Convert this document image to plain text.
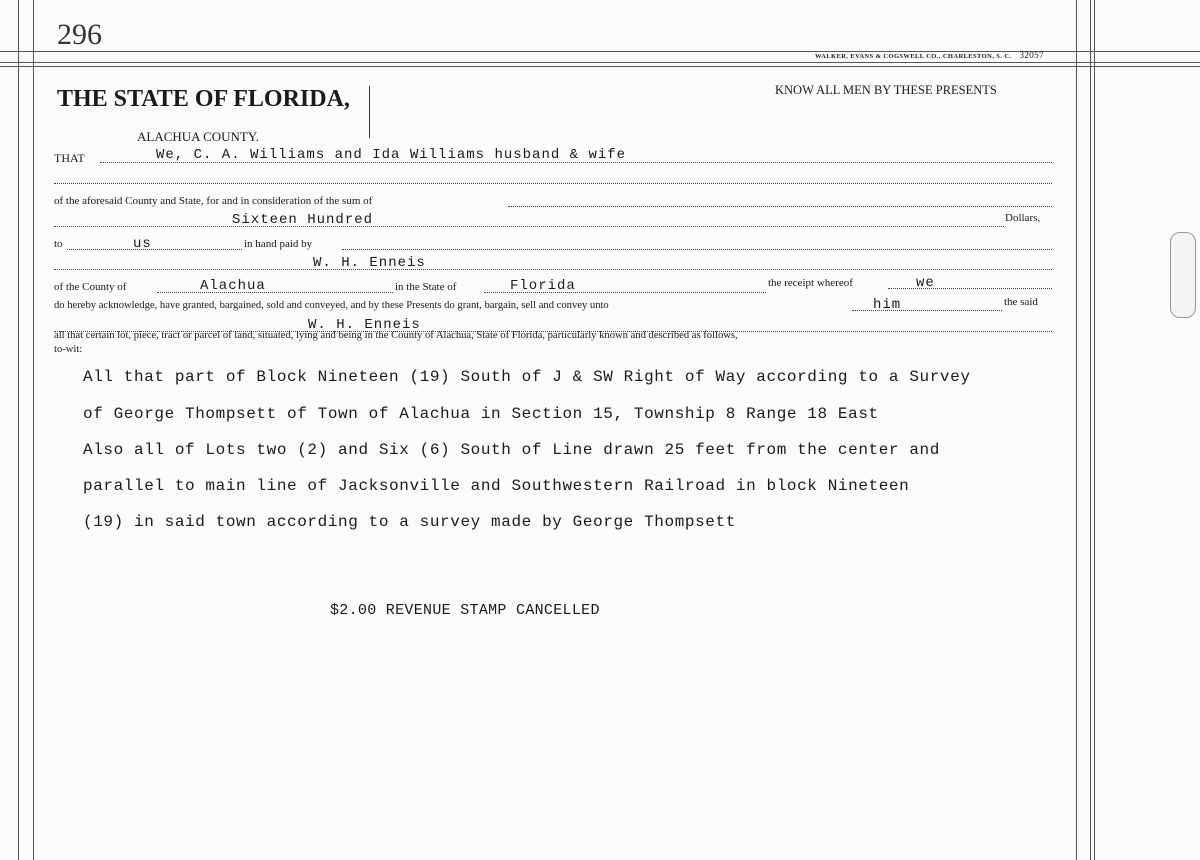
296
WALKER, EVANS & COGSWELL CO., CHARLESTON, S. C. 32057
THE STATE OF FLORIDA,
ALACHUA COUNTY.
KNOW ALL MEN BY THESE PRESENTS
THAT	We, C. A. Williams and Ida Williams husband & wife
of the aforesaid County and State, for and in consideration of the sum of
Sixteen Hundred	Dollars,
to	us	in hand paid by
W. H. Enneis
of the County of	Alachua	in the State of	Florida	the receipt whereof	we
do hereby acknowledge, have granted, bargained, sold and conveyed, and by these Presents do grant, bargain, sell and convey unto	him	the said
W. H. Enneis
all that certain lot, piece, tract or parcel of land, situated, lying and being in the County of Alachua, State of Florida, particularly known and described as follows,
to-wit:
All that part of Block Nineteen (19) South of J & SW Right of Way according to a Survey
of George Thompsett of Town of Alachua in Section 15, Township 8 Range 18 East
Also all of Lots two (2) and Six (6) South of Line drawn 25 feet from the center and
parallel to main line of Jacksonville and Southwestern Railroad in block Nineteen
(19) in said town according to a survey made by George Thompsett
$2.00 REVENUE STAMP CANCELLED
